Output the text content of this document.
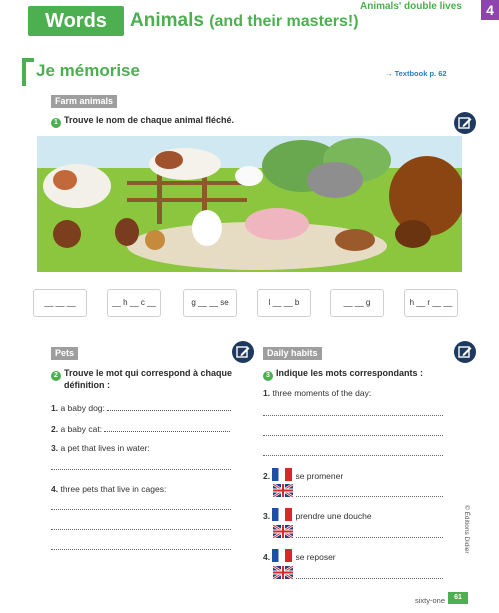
Words	Animals (and their masters!)
Animals' double lives	4
Je mémorise	→ Textbook p. 62
Farm animals
1 Trouve le nom de chaque animal fléché.
__ __ __	__ h __ c __	g __ __ se	l __ __ b	__ __ g	h __ r __ __
Pets
2 Trouve le mot qui correspond à chaque
définition :
1. a baby dog:
2. a baby cat:
3. a pet that lives in water:
4. three pets that live in cages:
Daily habits
3 Indique les mots correspondants :
1. three moments of the day:
2.	se promener
3.	prendre une douche
4.	se reposer
© Éditions Didier
sixty-one	61
